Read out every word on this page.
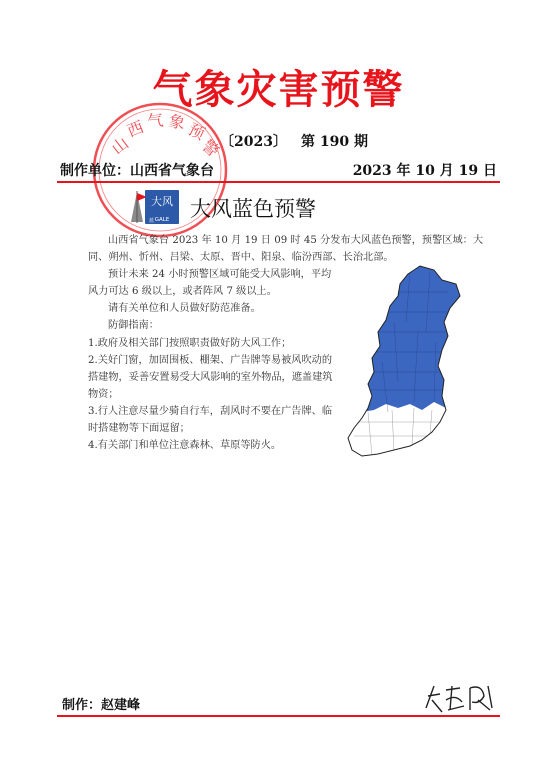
气象灾害预警
山
西 气 象
预
警
〔2023〕 第 190 期
制作单位：山西省气象台	2023 年 10 月 19 日
大风
GALE
蓝 大风蓝色预警

山西省气象台 2023 年 10 月 19 日 09 时 45 分发布大风蓝色预警，预警区域：大同、朔州、忻州、吕梁、太原、晋中、阳泉、临汾西部、长治北部。

预计未来 24 小时预警区域可能受大风影响，平均风力可达 6 级以上，或者阵风 7 级以上。

请有关单位和人员做好防范准备。

防御指南：

1.政府及相关部门按照职责做好防大风工作；

2.关好门窗，加固围板、棚架、广告牌等易被风吹动的搭建物，妥善安置易受大风影响的室外物品，遮盖建筑物资；

3.行人注意尽量少骑自行车，刮风时不要在广告牌、临时搭建物等下面逗留；

4.有关部门和单位注意森林、草原等防火。

制作：赵建峰
